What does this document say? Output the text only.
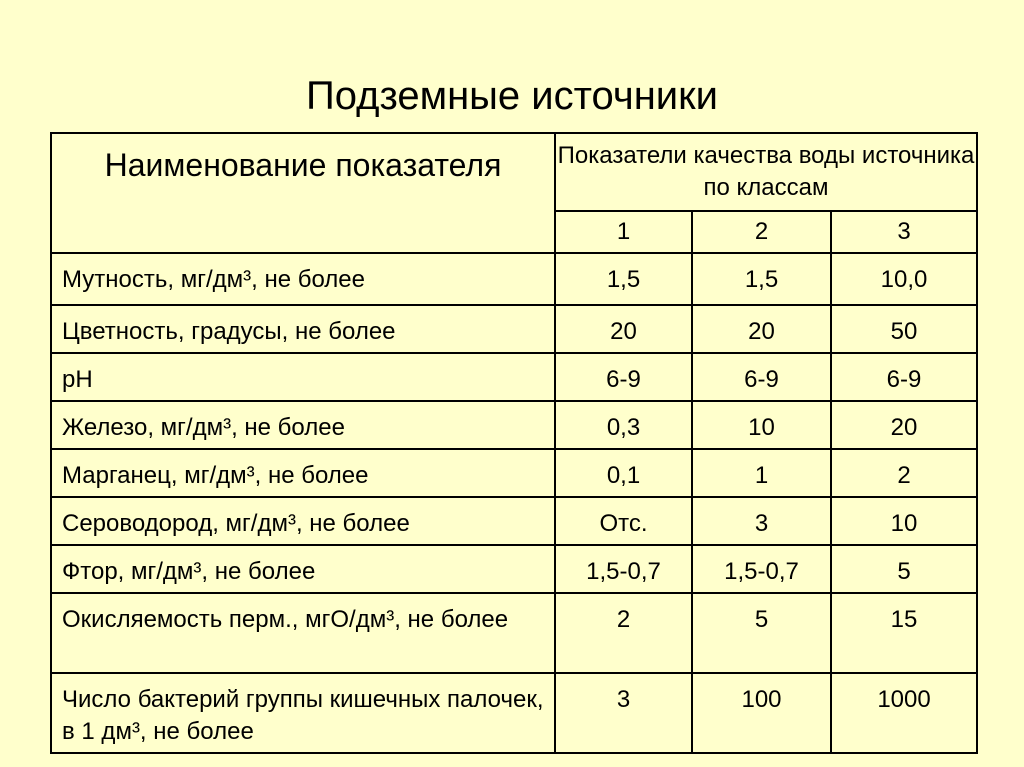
Подземные источники
Наименование показателя	Показатели качества воды источника по классам		
	1	2	3
Мутность, мг/дм³, не более	1,5	1,5	10,0
Цветность, градусы, не более	20	20	50
pH	6-9	6-9	6-9
Железо, мг/дм³, не более	0,3	10	20
Марганец, мг/дм³, не более	0,1	1	2
Сероводород, мг/дм³, не более	Отс.	3	10
Фтор, мг/дм³, не более	1,5-0,7	1,5-0,7	5
Окисляемость перм., мгО/дм³, не более	2	5	15
Число бактерий группы кишечных палочек, в 1 дм³, не более	3	100	1000
